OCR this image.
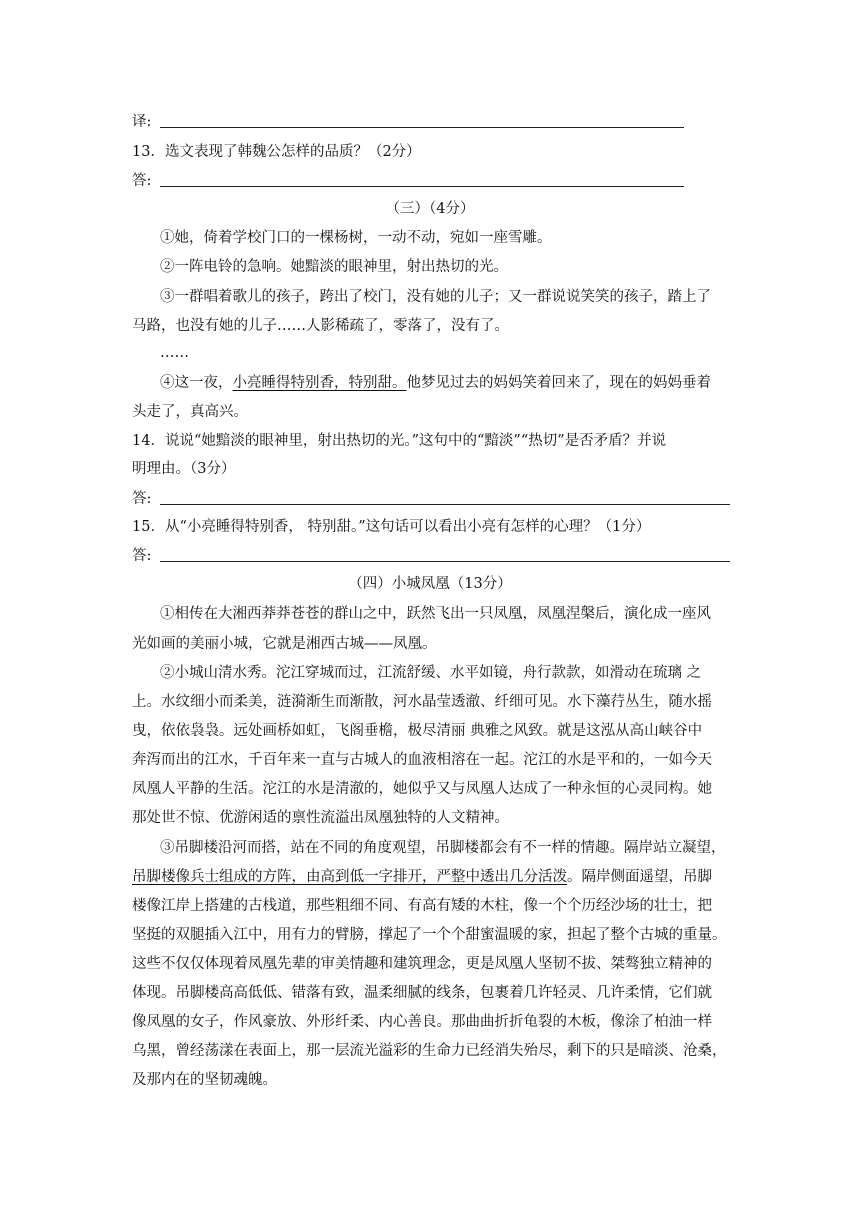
译:
13．选文表现了韩魏公怎样的品质？（2分）
答:
（三）（4分）
①她，倚着学校门口的一棵杨树，一动不动，宛如一座雪雕。
②一阵电铃的急响。她黯淡的眼神里，射出热切的光。
③一群唱着歌儿的孩子，跨出了校门，没有她的儿子；又一群说说笑笑的孩子，踏上了
马路，也没有她的儿子……人影稀疏了，零落了，没有了。
……
④这一夜，小亮睡得特别香，特别甜。他梦见过去的妈妈笑着回来了，现在的妈妈垂着
头走了，真高兴。
14．说说“她黯淡的眼神里，射出热切的光。”这句中的“黯淡”“热切”是否矛盾？并说
明理由。（3分）
答:
15．从“小亮睡得特别香， 特别甜。”这句话可以看出小亮有怎样的心理？（1分）
答:
（四）小城凤凰（13分）
①相传在大湘西莽莽苍苍的群山之中，跃然飞出一只凤凰，凤凰涅槃后，演化成一座风
光如画的美丽小城，它就是湘西古城——凤凰。
②小城山清水秀。沱江穿城而过，江流舒缓、水平如镜，舟行款款，如滑动在琉璃 之
上。水纹细小而柔美，涟漪渐生而渐散，河水晶莹透澈、纤细可见。水下藻荇丛生，随水摇
曳，依依袅袅。远处画桥如虹，飞阁垂檐，极尽清丽 典雅之风致。就是这泓从高山峡谷中
奔泻而出的江水，千百年来一直与古城人的血液相溶在一起。沱江的水是平和的，一如今天
凤凰人平静的生活。沱江的水是清澈的，她似乎又与凤凰人达成了一种永恒的心灵同构。她
那处世不惊、优游闲适的禀性流溢出凤凰独特的人文精神。
③吊脚楼沿河而搭，站在不同的角度观望，吊脚楼都会有不一样的情趣。隔岸站立凝望，
吊脚楼像兵士组成的方阵，由高到低一字排开，严整中透出几分活泼。隔岸侧面遥望，吊脚
楼像江岸上搭建的古栈道，那些粗细不同、有高有矮的木柱，像一个个历经沙场的壮士，把
坚挺的双腿插入江中，用有力的臂膀，撑起了一个个甜蜜温暖的家，担起了整个古城的重量。
这些不仅仅体现着凤凰先辈的审美情趣和建筑理念，更是凤凰人坚韧不拔、桀骜独立精神的
体现。吊脚楼高高低低、错落有致，温柔细腻的线条，包裹着几许轻灵、几许柔情，它们就
像凤凰的女子，作风豪放、外形纤柔、内心善良。那曲曲折折龟裂的木板，像涂了柏油一样
乌黑，曾经荡漾在表面上，那一层流光溢彩的生命力已经消失殆尽，剩下的只是暗淡、沧桑，
及那内在的坚韧魂魄。
